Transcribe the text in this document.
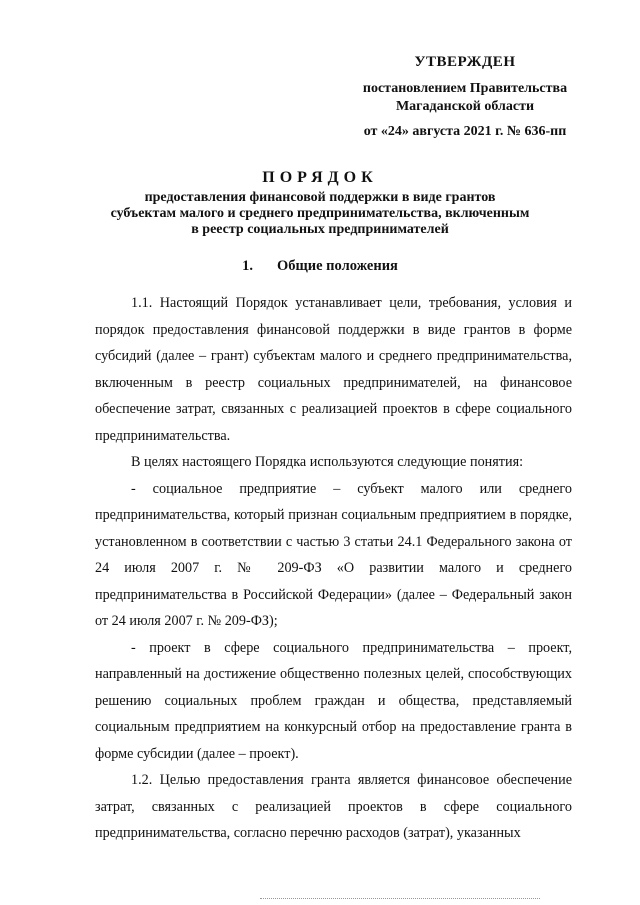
УТВЕРЖДЕН
постановлением Правительства
Магаданской области
от «24» августа 2021 г. № 636-пп
ПОРЯДОК
предоставления финансовой поддержки в виде грантов
субъектам малого и среднего предпринимательства, включенным
в реестр социальных предпринимателей
1. Общие положения

1.1. Настоящий Порядок устанавливает цели, требования, условия и порядок предоставления финансовой поддержки в виде грантов в форме субсидий (далее – грант) субъектам малого и среднего предпринимательства, включенным в реестр социальных предпринимателей, на финансовое обеспечение затрат, связанных с реализацией проектов в сфере социального предпринимательства.

В целях настоящего Порядка используются следующие понятия:

- социальное предприятие – субъект малого или среднего предпринимательства, который признан социальным предприятием в порядке, установленном в соответствии с частью 3 статьи 24.1 Федерального закона от 24 июля 2007 г. № 209-ФЗ «О развитии малого и среднего предпринимательства в Российской Федерации» (далее – Федеральный закон от 24 июля 2007 г. № 209-ФЗ);

- проект в сфере социального предпринимательства – проект, направленный на достижение общественно полезных целей, способствующих решению социальных проблем граждан и общества, представляемый социальным предприятием на конкурсный отбор на предоставление гранта в форме субсидии (далее – проект).

1.2. Целью предоставления гранта является финансовое обеспечение затрат, связанных с реализацией проектов в сфере социального предпринимательства, согласно перечню расходов (затрат), указанных
